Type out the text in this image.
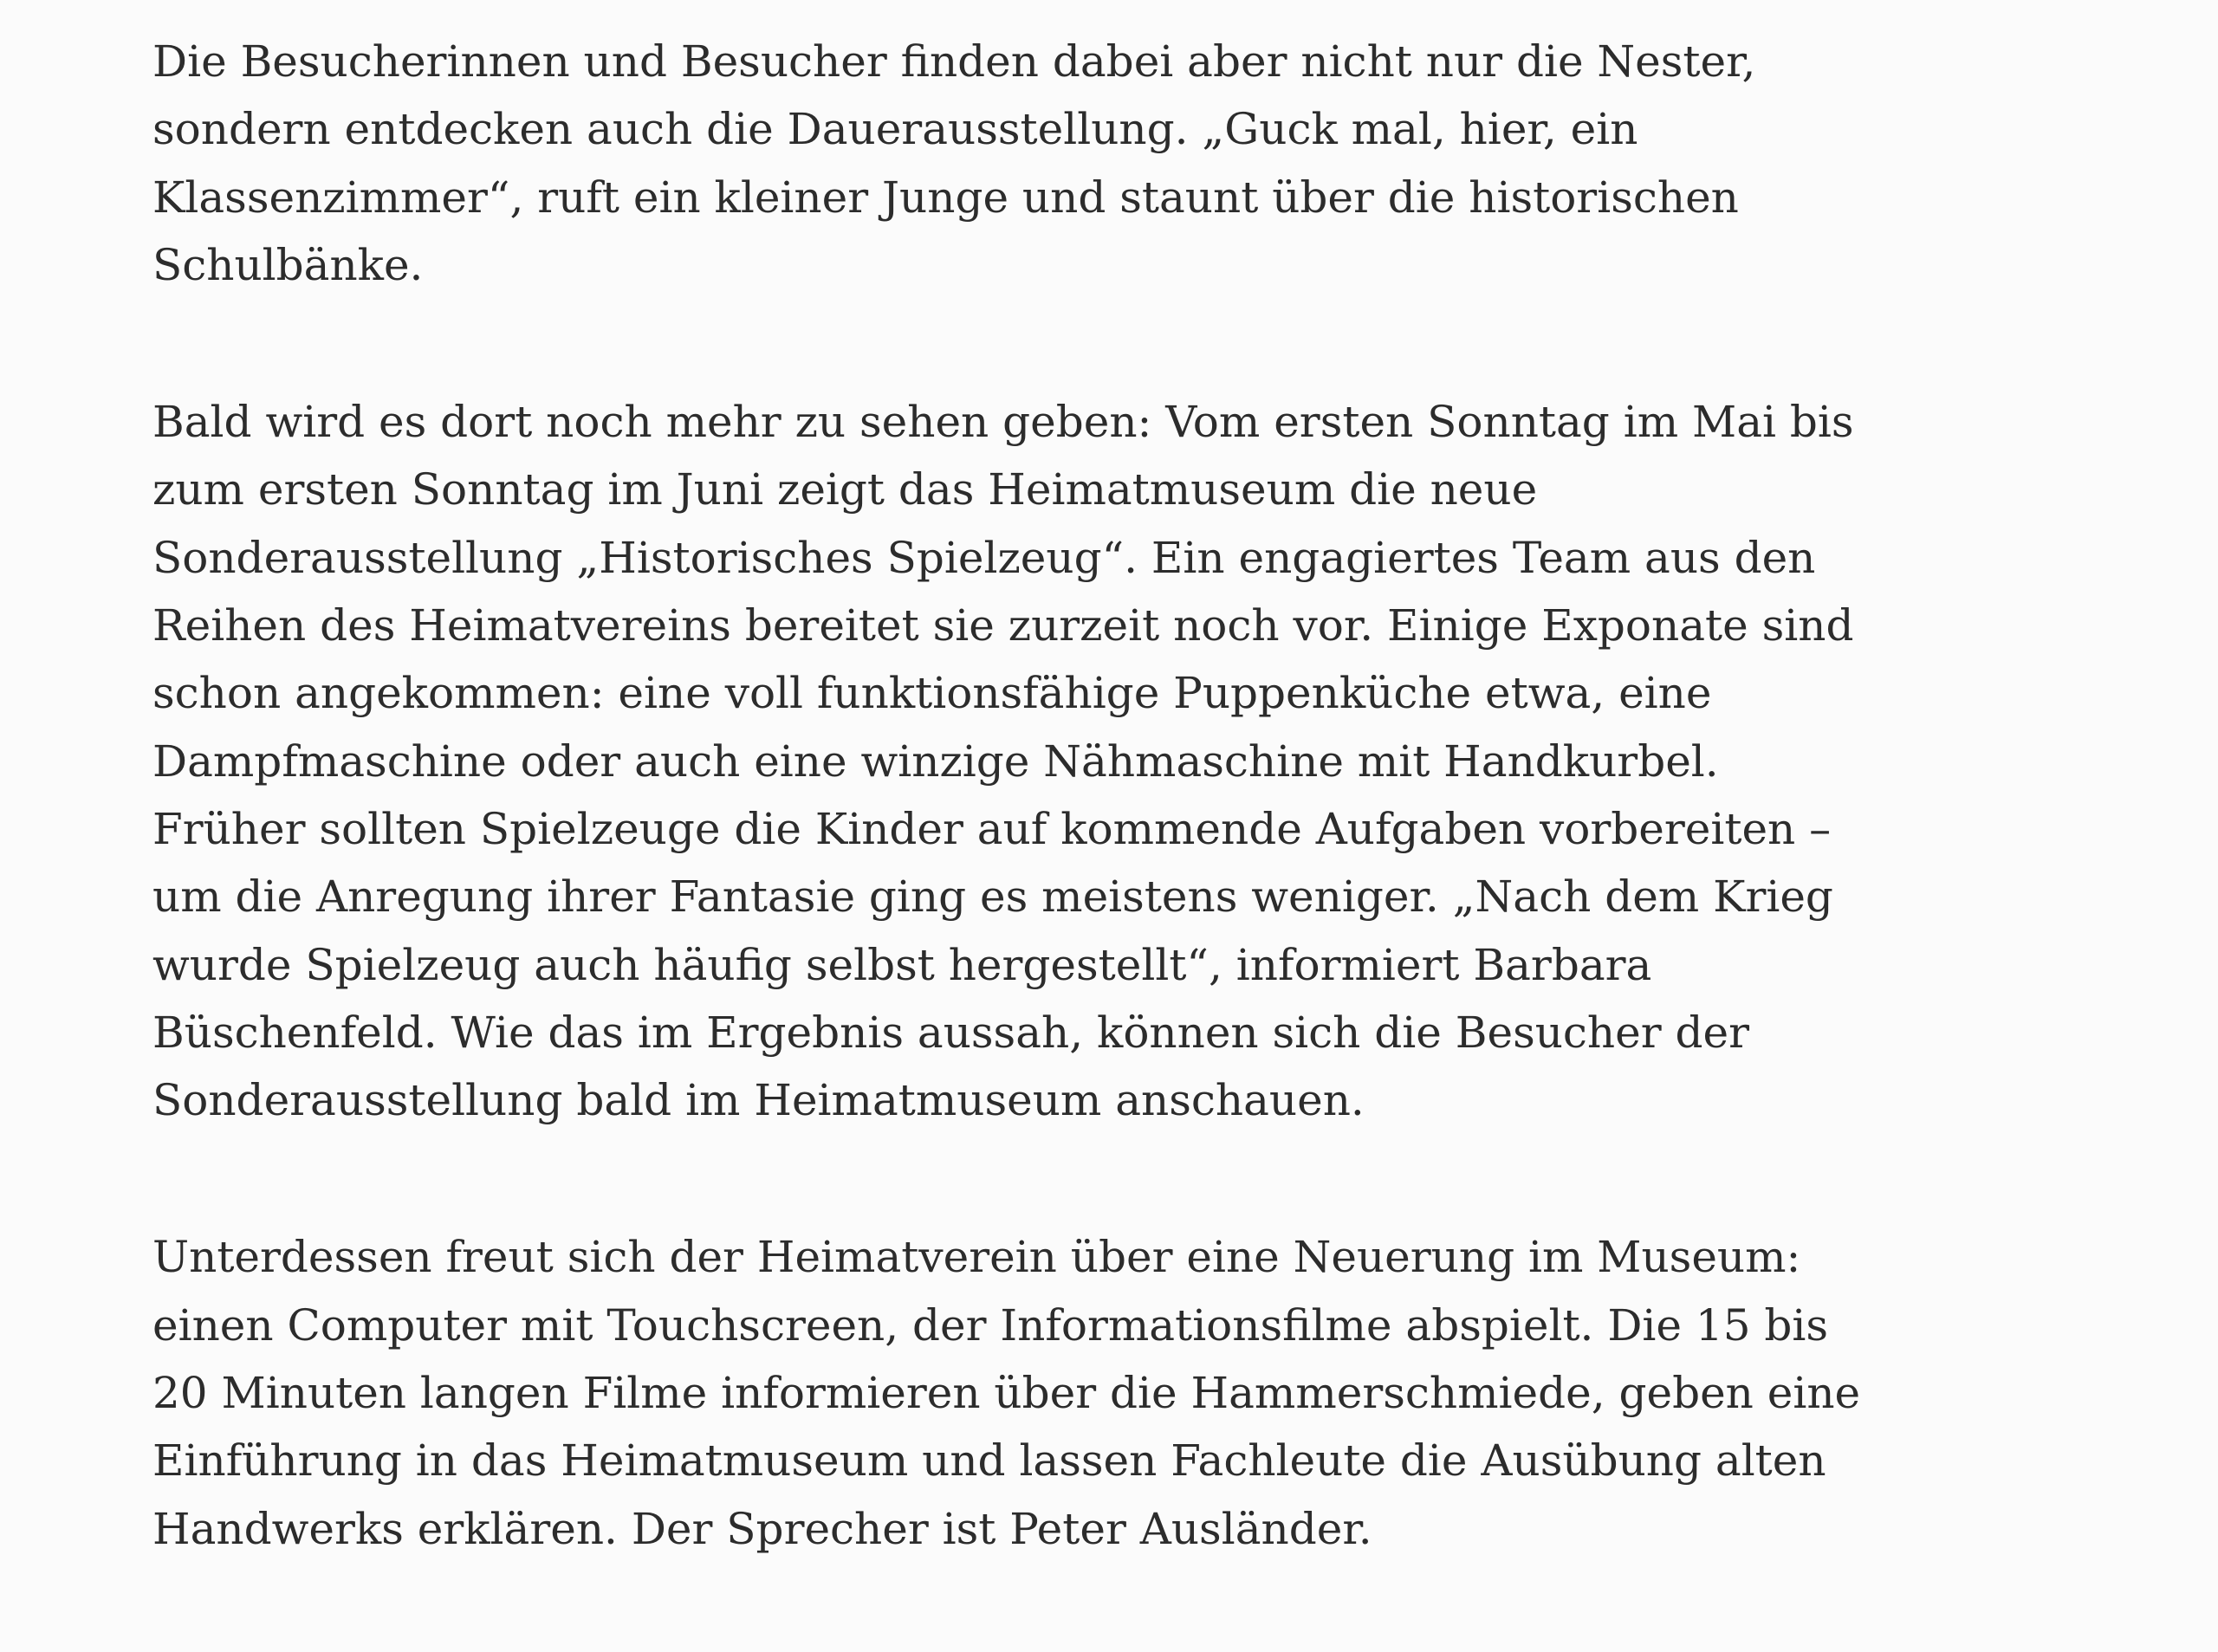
Die Besucherinnen und Besucher finden dabei aber nicht nur die Nester,
sondern entdecken auch die Dauerausstellung. „Guck mal, hier, ein
Klassenzimmer“, ruft ein kleiner Junge und staunt über die historischen
Schulbänke.

Bald wird es dort noch mehr zu sehen geben: Vom ersten Sonntag im Mai bis
zum ersten Sonntag im Juni zeigt das Heimatmuseum die neue
Sonderausstellung „Historisches Spielzeug“. Ein engagiertes Team aus den
Reihen des Heimatvereins bereitet sie zurzeit noch vor. Einige Exponate sind
schon angekommen: eine voll funktionsfähige Puppenküche etwa, eine
Dampfmaschine oder auch eine winzige Nähmaschine mit Handkurbel.
Früher sollten Spielzeuge die Kinder auf kommende Aufgaben vorbereiten –
um die Anregung ihrer Fantasie ging es meistens weniger. „Nach dem Krieg
wurde Spielzeug auch häufig selbst hergestellt“, informiert Barbara
Büschenfeld. Wie das im Ergebnis aussah, können sich die Besucher der
Sonderausstellung bald im Heimatmuseum anschauen.

Unterdessen freut sich der Heimatverein über eine Neuerung im Museum:
einen Computer mit Touchscreen, der Informationsfilme abspielt. Die 15 bis
20 Minuten langen Filme informieren über die Hammerschmiede, geben eine
Einführung in das Heimatmuseum und lassen Fachleute die Ausübung alten
Handwerks erklären. Der Sprecher ist Peter Ausländer.
